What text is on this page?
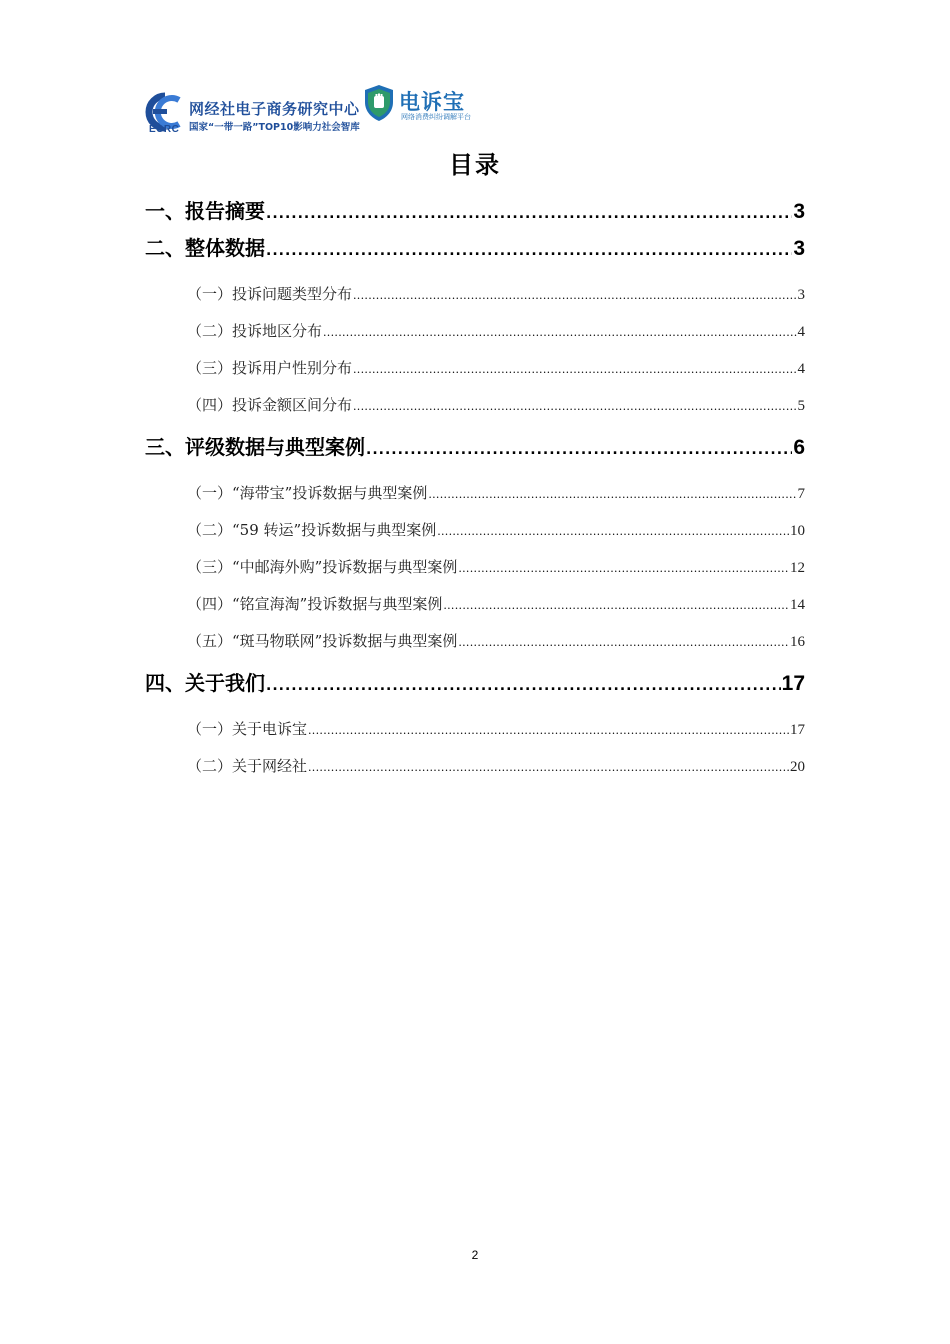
ECRC
网经社电子商务研究中心
国家“一带一路”TOP10影响力社会智库
电诉宝
网络消费纠纷调解平台
目录
一、报告摘要 .....	3
二、整体数据 .....	3
（一）投诉问题类型分布 .....	3
（二）投诉地区分布 .....	4
（三）投诉用户性别分布 .....	4
（四）投诉金额区间分布 .....	5
三、评级数据与典型案例 .....	6
（一）“海带宝”投诉数据与典型案例 .....	7
（二）“59 转运”投诉数据与典型案例 .....	10
（三）“中邮海外购”投诉数据与典型案例 .....	12
（四）“铭宣海淘”投诉数据与典型案例 .....	14
（五）“斑马物联网”投诉数据与典型案例 .....	16
四、关于我们 .....	17
（一）关于电诉宝 .....	17
（二）关于网经社 .....	20
2
